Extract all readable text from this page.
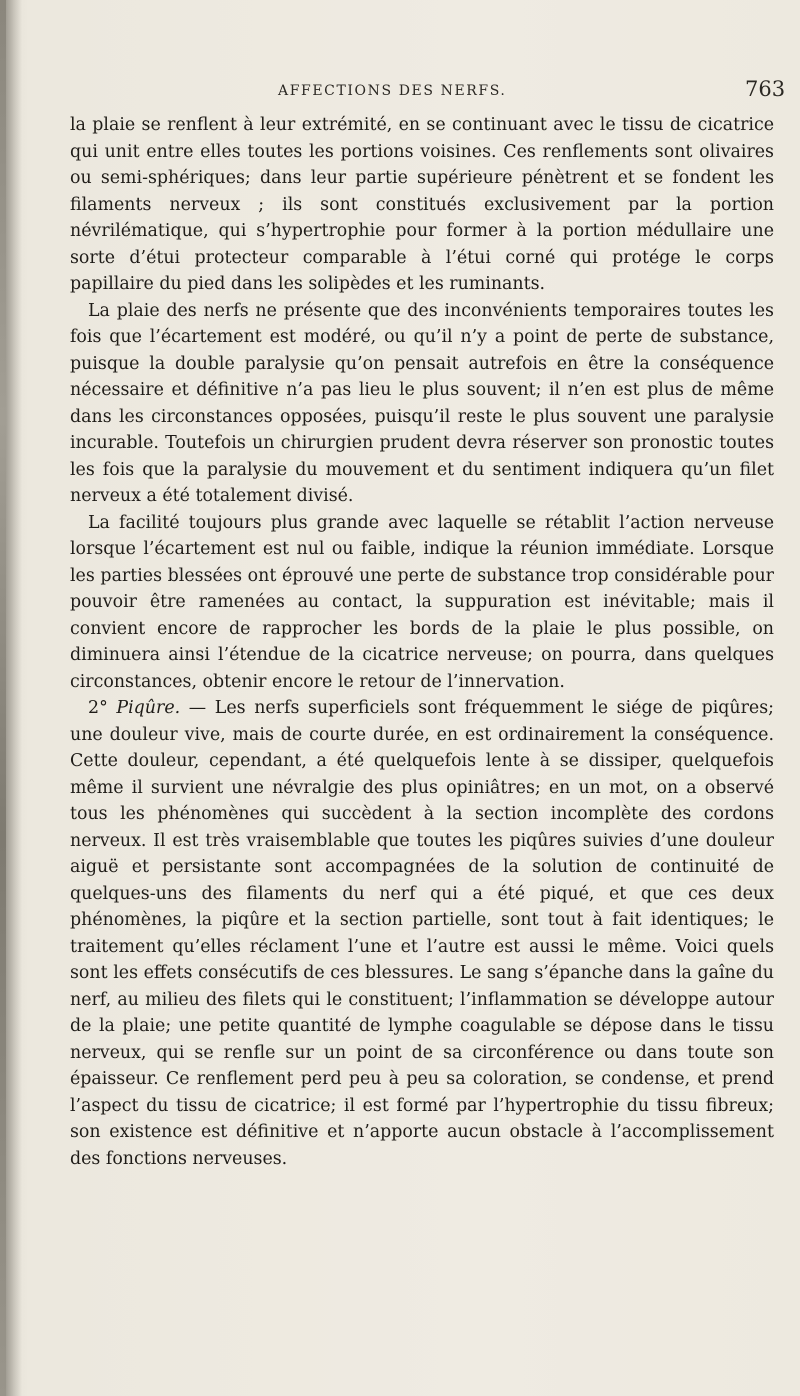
AFFECTIONS DES NERFS.	763

la plaie se renflent à leur extrémité, en se continuant avec le tissu de cicatrice qui unit entre elles toutes les portions voisines. Ces renflements sont olivaires ou semi-sphériques; dans leur partie supérieure pénètrent et se fondent les filaments nerveux ; ils sont constitués exclusivement par la portion névrilématique, qui s’hypertrophie pour former à la portion médullaire une sorte d’étui protecteur comparable à l’étui corné qui protége le corps papillaire du pied dans les solipèdes et les ruminants.

La plaie des nerfs ne présente que des inconvénients temporaires toutes les fois que l’écartement est modéré, ou qu’il n’y a point de perte de substance, puisque la double paralysie qu’on pensait autrefois en être la conséquence nécessaire et définitive n’a pas lieu le plus souvent; il n’en est plus de même dans les circonstances opposées, puisqu’il reste le plus souvent une paralysie incurable. Toutefois un chirurgien prudent devra réserver son pronostic toutes les fois que la paralysie du mouvement et du sentiment indiquera qu’un filet nerveux a été totalement divisé.

La facilité toujours plus grande avec laquelle se rétablit l’action nerveuse lorsque l’écartement est nul ou faible, indique la réunion immédiate. Lorsque les parties blessées ont éprouvé une perte de substance trop considérable pour pouvoir être ramenées au contact, la suppuration est inévitable; mais il convient encore de rapprocher les bords de la plaie le plus possible, on diminuera ainsi l’étendue de la cicatrice nerveuse; on pourra, dans quelques circonstances, obtenir encore le retour de l’innervation.

2° Piqûre. — Les nerfs superficiels sont fréquemment le siége de piqûres; une douleur vive, mais de courte durée, en est ordinairement la conséquence. Cette douleur, cependant, a été quelquefois lente à se dissiper, quelquefois même il survient une névralgie des plus opiniâtres; en un mot, on a observé tous les phénomènes qui succèdent à la section incomplète des cordons nerveux. Il est très vraisemblable que toutes les piqûres suivies d’une douleur aiguë et persistante sont accompagnées de la solution de continuité de quelques-uns des filaments du nerf qui a été piqué, et que ces deux phénomènes, la piqûre et la section partielle, sont tout à fait identiques; le traitement qu’elles réclament l’une et l’autre est aussi le même. Voici quels sont les effets consécutifs de ces blessures. Le sang s’épanche dans la gaîne du nerf, au milieu des filets qui le constituent; l’inflammation se développe autour de la plaie; une petite quantité de lymphe coagulable se dépose dans le tissu nerveux, qui se renfle sur un point de sa circonférence ou dans toute son épaisseur. Ce renflement perd peu à peu sa coloration, se condense, et prend l’aspect du tissu de cicatrice; il est formé par l’hypertrophie du tissu fibreux; son existence est définitive et n’apporte aucun obstacle à l’accomplissement des fonctions nerveuses.
